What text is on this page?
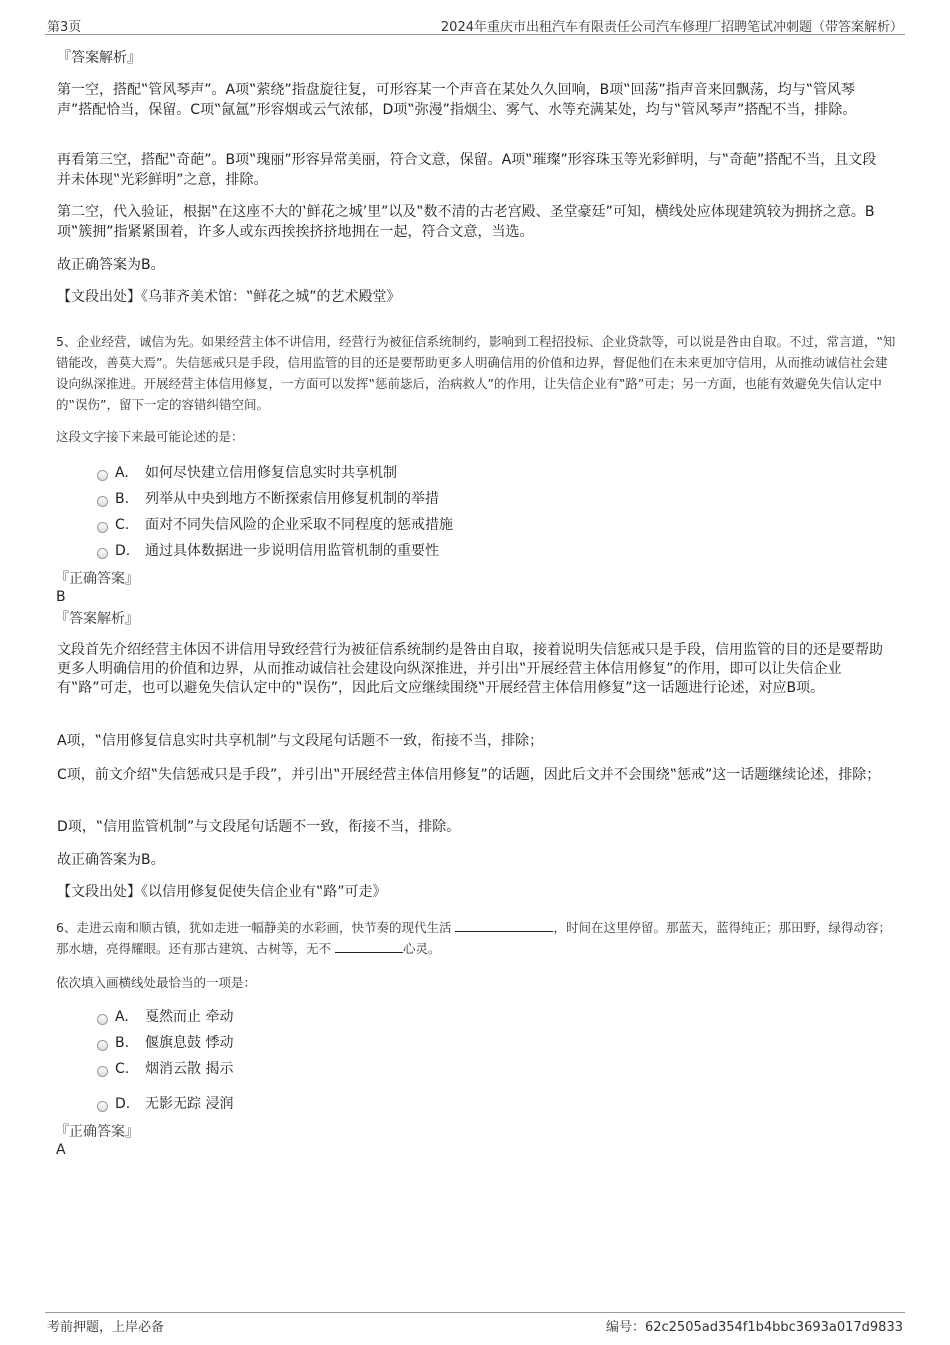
第3页	2024年重庆市出租汽车有限责任公司汽车修理厂招聘笔试冲刺题（带答案解析）
『答案解析』
第一空，搭配‟管风琴声”。A项‟萦绕”指盘旋往复，可形容某一个声音在某处久久回响，B项‟回荡”指声音来回飘荡，均与‟管风琴声”搭配恰当，保留。C项‟氤氲”形容烟或云气浓郁，D项‟弥漫”指烟尘、雾气、水等充满某处，均与‟管风琴声”搭配不当，排除。
再看第三空，搭配‟奇葩”。B项‟瑰丽”形容异常美丽，符合文意，保留。A项‟璀璨”形容珠玉等光彩鲜明，与‟奇葩”搭配不当，且文段并未体现‟光彩鲜明”之意，排除。
第二空，代入验证，根据‟在这座不大的‛鲜花之城’里”以及‟数不清的古老宫殿、圣堂豪廷”可知，横线处应体现建筑较为拥挤之意。B项‟簇拥”指紧紧围着，许多人或东西挨挨挤挤地拥在一起，符合文意，当选。
故正确答案为B。
【文段出处】《乌菲齐美术馆：‟鲜花之城”的艺术殿堂》
5、企业经营，诚信为先。如果经营主体不讲信用，经营行为被征信系统制约，影响到工程招投标、企业贷款等，可以说是咎由自取。不过，常言道，‟知错能改，善莫大焉”。失信惩戒只是手段，信用监管的目的还是要帮助更多人明确信用的价值和边界，督促他们在未来更加守信用，从而推动诚信社会建设向纵深推进。开展经营主体信用修复，一方面可以发挥‟惩前毖后，治病救人”的作用，让失信企业有‟路”可走；另一方面，也能有效避免失信认定中的‟误伤”，留下一定的容错纠错空间。
这段文字接下来最可能论述的是：
A. 如何尽快建立信用修复信息实时共享机制
B. 列举从中央到地方不断探索信用修复机制的举措
C. 面对不同失信风险的企业采取不同程度的惩戒措施
D. 通过具体数据进一步说明信用监管机制的重要性
『正确答案』
B
『答案解析』
文段首先介绍经营主体因不讲信用导致经营行为被征信系统制约是咎由自取，接着说明失信惩戒只是手段，信用监管的目的还是要帮助更多人明确信用的价值和边界，从而推动诚信社会建设向纵深推进，并引出‟开展经营主体信用修复”的作用，即可以让失信企业有‟路”可走，也可以避免失信认定中的‟误伤”，因此后文应继续围绕‟开展经营主体信用修复”这一话题进行论述，对应B项。
A项，‟信用修复信息实时共享机制”与文段尾句话题不一致，衔接不当，排除；
C项，前文介绍‟失信惩戒只是手段”，并引出‟开展经营主体信用修复”的话题，因此后文并不会围绕‟惩戒”这一话题继续论述，排除；
D项，‟信用监管机制”与文段尾句话题不一致，衔接不当，排除。
故正确答案为B。
【文段出处】《以信用修复促使失信企业有‟路”可走》
6、走进云南和顺古镇，犹如走进一幅静美的水彩画，快节奏的现代生活	，时间在这里停留。那蓝天，蓝得纯正；那田野，绿得动容；那水塘，亮得耀眼。还有那古建筑、古树等，无不	心灵。
依次填入画横线处最恰当的一项是：
A. 戛然而止 牵动
B. 偃旗息鼓 悸动
C. 烟消云散 揭示
D. 无影无踪 浸润
『正确答案』
A
考前押题，上岸必备	编号：62c2505ad354f1b4bbc3693a017d9833
